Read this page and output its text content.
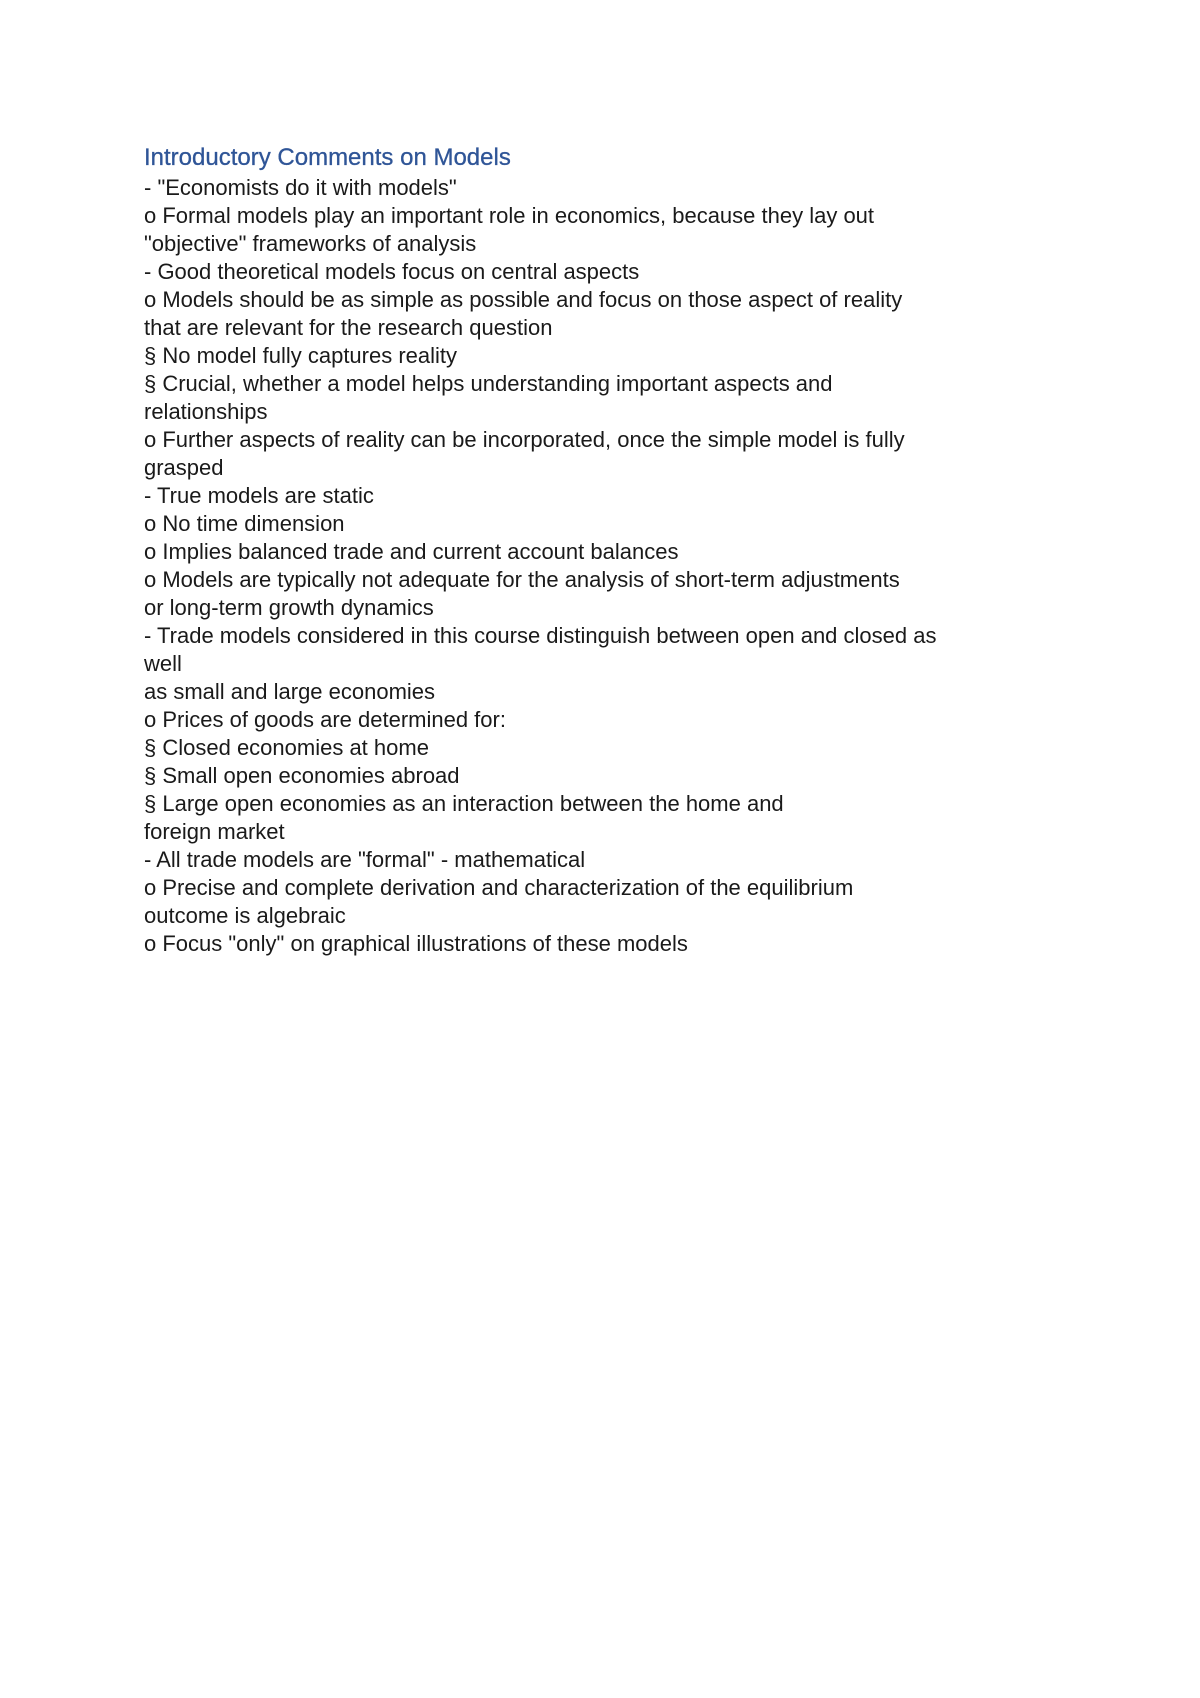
Introductory Comments on Models

- "Economists do it with models"

o Formal models play an important role in economics, because they lay out

"objective" frameworks of analysis

- Good theoretical models focus on central aspects

o Models should be as simple as possible and focus on those aspect of reality

that are relevant for the research question

§ No model fully captures reality

§ Crucial, whether a model helps understanding important aspects and

relationships

o Further aspects of reality can be incorporated, once the simple model is fully

grasped

- True models are static

o No time dimension

o Implies balanced trade and current account balances

o Models are typically not adequate for the analysis of short-term adjustments

or long-term growth dynamics

- Trade models considered in this course distinguish between open and closed as

well

as small and large economies

o Prices of goods are determined for:

§ Closed economies at home

§ Small open economies abroad

§ Large open economies as an interaction between the home and

foreign market

- All trade models are "formal" - mathematical

o Precise and complete derivation and characterization of the equilibrium

outcome is algebraic

o Focus "only" on graphical illustrations of these models
